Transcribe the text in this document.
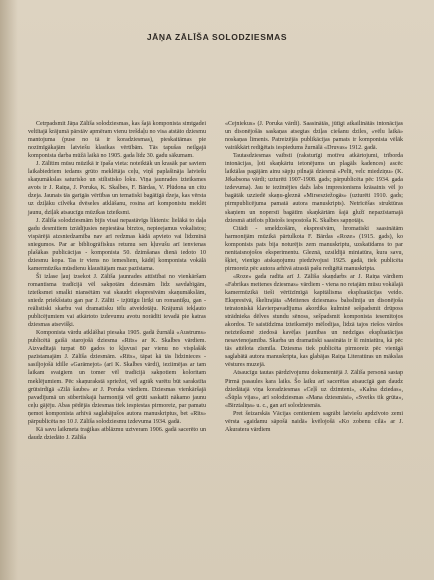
JĀŅA ZĀLĪŠA SOLODZIESMAS

Cetrpadsmit Jāņa Zālīša solodziesmas, kas šajā komponista simtgadei veltītajā krājumā pārstāv apmēram vienu trešdaļu no visa atstāto dziesmu mantojuma (puse no tā ir koradziesmas), pieskaitāmas pie nozīmīgākajām latviešu klasikas vērtībām. Tās tapušas neilgajā komponista darba mūžā laikā no 1905. gada līdz 30. gadu sākumam.

J. Zālītim mūsu mūzikā ir īpaša vieta: noteiktāk un krasāk par saviem laikabiedriem iedams grūto meklētāja ceļu, viņš paplašināja latviešu skaņumākslas saturisko un stilistisko loku. Viņa jaunrades izteiksmes avots ir J. Raiņa, J. Poruka, K. Skalbes, F. Bārdas, V. Plūdona un citu dzeja. Jaunais tās garīgās vērtības un tematiski bagātīgā dzeja, kas vērsta uz dziļāku cilvēka dvēseles atklāšanu, rosina arī komponistu meklēt jaunu, dziļāk atsaucīgu mūzikas izteiksmi.

J. Zālīša solodziesmām bijis visai nepastāvīgs liktenis: lielākā to daļa gadu desmitiem izrādījusies nepiestāsa birztos, nepieejamus vokalistos; vispārējā aizsniedzamība nav arī redzmas kādā apvieto vai līdzmīnā sniegumos. Par ar bibliogrāfiskus retumu sen kļuvušu arī ienvienas plašākas publicācijas - komponista 50. dzimšanas dienā iedoto 10 dziesmu kopa. Tas ir viens no iemesliem, kādēļ komponista vokālā kamermūzika mūsdienu klausītājam maz pazīstama.

Šī izlase ļauj izsekot J. Zālīša jaunrades attīstībai no vienkāršam romantisma tradīcijā vēl sakņotām dziesmām līdz savdabīgām, izteiksmei smalki niansētām vai skaudri ekspresīvām skaņumākslām, sniedz priekšstatu gan par J. Zālīti - izjūtīgu liriķi un romantiķu, gan - reālistiski skarbu vai dramatisku tēlu atveidotāju. Krājumā iekļauto publicējumiem vai atkārtoto izdevumu avotu norādīti ievadā pie katras dziesmas atsevišķi.

Komponista vārdu atklāšhai piesaka 1905. gadā žurnālā «Austrums» publicētā gaišā starojošā dziesma «Rīts» ar K. Skalbes vārdiem. Aizvadītajā turpat 80 gados to kļuvusi par vienu no visplašāk pazīstamajām J. Zālīša dziesmām. «Rīts», tāpat kā tās līdzinieces - sasiljojošā idille «Garāmejot» (arī K. Skalbes vārdi), ieziimējas ar tam laikam svaigiem un tomer vēl tradīcijā sakņotiem koloritam meklējumiem. Pēc skaņurakstā spriežot, vēl agrāk varētu būt sarakstīta grūtsirdīgā «Zilā šaube» ar J. Poruka vārdiem. Dziesmas vienkāršajā pavadījumā un sūbertiskajā harmonijā vēl grūti saskatīt nākamo jaunu ceļu gājēju. Abas pēdējās dziesmas tiek iespiestas pirmoreiz, par pamatu ņemot komponista arhīvā saglabājušos autora manuskriptus, bet «Rīts» pārpublicēta no 10 J. Zālīša solodziesmu izdevuma 1934. gadā.

Kā savu laikmeta traģikas atblāzmu uztveram 1906. gadā sacerēto un daudz dziedāto J. Zālīša

«Cejniekus» (J. Poruka vārdi). Saasinātās, jūtīgi atkailinātās intonācijas un disonējošās saskaņas atsegtas dziļas ciešanu dziles, «vēlu laikā» noskaņas līmenis. Patreizējās publikācijas pamats ir komponista vēlāk vairākkārt rediģētais iespiedums žurnālā «Druvas» 1912. gadā.

Tautasdziesmas vaibsti (raksturīgi motīvu atkārtojumi, trīborda intonācijas, ļoti skaņkārtu ietonējums un plagāls kadences) ascēc laiktālas pagājām ainu sāpju pilnajā dziesmā «Pelīt, velc miedziņu» (K. Jēkabsona vārdi; uzturēti 1907-1908. gads; pārpublicēta pēc 1934. gada izdevuma). Jau te iezīmējies dažs labs impresionisms krāsainis vēl jo bagātāk uzziedē skaņu-gleznā «Mirsesziežogās» (uzturēti 1910. gads; pirmpublicējuma pamatā autora manuskripts). Netrīcēšas struktūras skaņiem un noperstī bagātīm skaņkārtām šajā glužī nepazīstamajā dziesmā attēlots plūstošs iespostoša K. Skalbes sapņotājs.

Citādi - smeldzošām, ekspresīvām, hromatiski saasinātām harmonijām mūzikā pārtulkota F. Bārdas «Roze» (1915. gads), ko komponists pats bija noturējis zem manuskriptu, uzskatīdams to par nenitaisnojošos eksperimentu. Gleznā, uzsildījā miniatūra, kura savu, šķiet, vienīgo atskaņojumu piedzīvojusi 1925. gadā, tiek publicēta pirmoreiz pēc autora arhīvā atrastā pašu redigētā manuskripta.

«Roze» gada radīta arī J. Zālīša skaņdarbs ar J. Raiņa vārdiem «Fabrikas meitenes dziesmas» vārdiem - viena no retajām mūsu vokālajā kamermūzikā tieši vērtīzīmīgā kapitālisma ekspluatācijas veido. Ekspresīvā, škeltrajāta «Meitenes dziesmas» balsslīnija un disonējoša tetratoniskā klavierpavadījuma akordika kulminē sešpadsmit drūposs strādnieka dēlves stundu sēnoss, sešpadsmit komponista iesemītojos akordos. Te saistīdzīma izteiksmējo mēlodijas, līdzā tajos riešos vārdos neizteiksmē ziedosā kavēļas jaunības un nedzīgas ekspluatācijas nesavienojamība. Skarba un dramatiski saasināta ir šī miniatūra, kā pēc tās attēlota zīsmīla. Dziesma tiek publicēta pirmoreiz pēc vienīgā saglabātā autora manuskripta, kas glabājas Raiņa Literatūras un mākslas vēstures muzejā.

Atsaucīgu tautas pārdzīvojumu dokumentējā J. Zālīša personā sastap Pirmā pasaules kara laiks. Šo laiku arī sacerētas atsaucīgā gan daudz dziedātajā viņa koradziesmas «Ceļš uz dzimteni», «Kalna dziedas», «Šūpla vijas», arī solodziesmas «Mana dziesmāsi», «Sveiks tik grūta», «Birztaliņa» u. c., gan arī solodziesmās.

Pret šeizarskās Vācijas centieniem sagrābt latviešu apdzīvoto zemi vērsta «gaidamu sāpošā naidā» kvēlojošā «Ko zobenu cilā» ar J. Akuratera vārdiem
